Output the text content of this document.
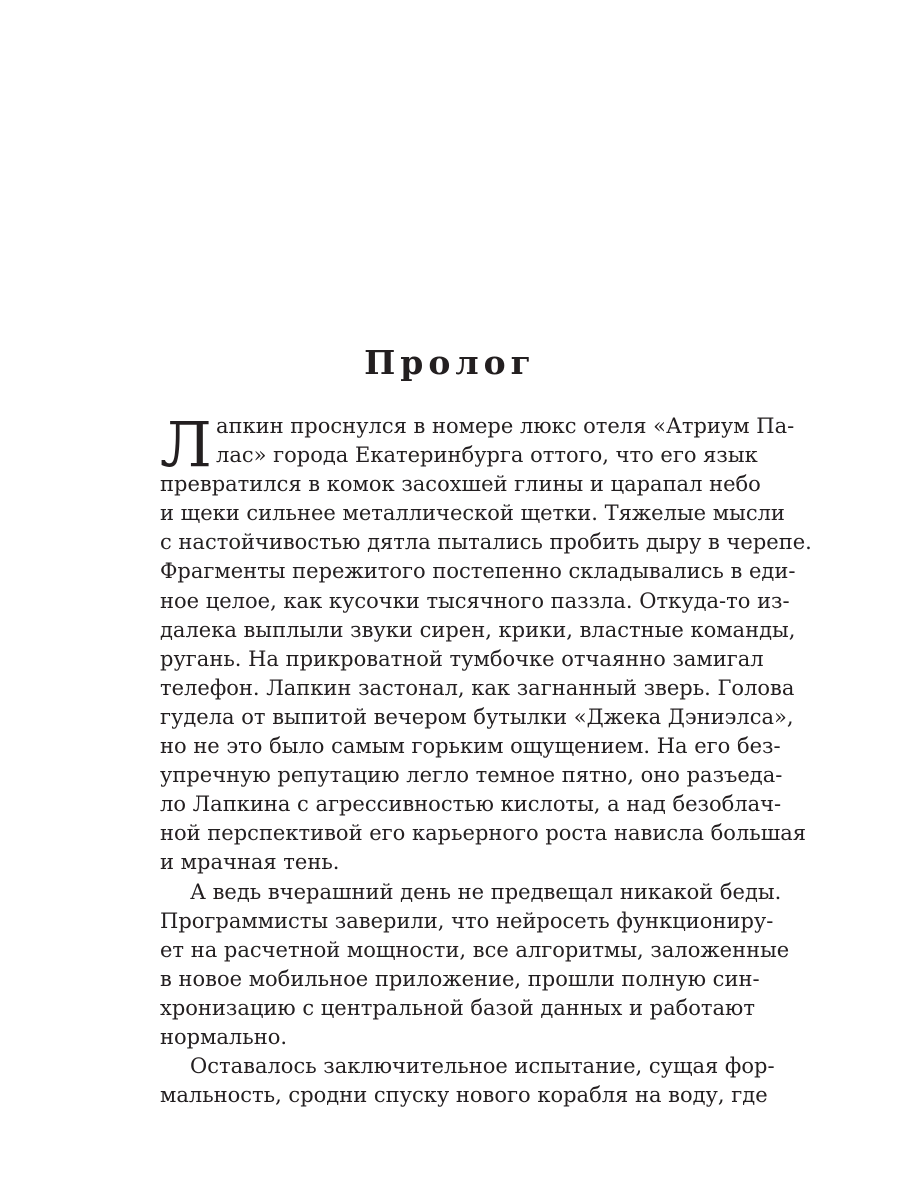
Пролог
Л апкин проснулся в номере люкс отеля «Атриум Па-
лас» города Екатеринбурга оттого, что его язык
превратился в комок засохшей глины и царапал небо
и щеки сильнее металлической щетки. Тяжелые мысли
с настойчивостью дятла пытались пробить дыру в черепе.
Фрагменты пережитого постепенно складывались в еди-
ное целое, как кусочки тысячного паззла. Откуда-то из-
далека выплыли звуки сирен, крики, властные команды,
ругань. На прикроватной тумбочке отчаянно замигал
телефон. Лапкин застонал, как загнанный зверь. Голова
гудела от выпитой вечером бутылки «Джека Дэниэлса»,
но не это было самым горьким ощущением. На его без-
упречную репутацию легло темное пятно, оно разъеда-
ло Лапкина с агрессивностью кислоты, а над безоблач-
ной перспективой его карьерного роста нависла большая
и мрачная тень.
А ведь вчерашний день не предвещал никакой беды.
Программисты заверили, что нейросеть функциониру-
ет на расчетной мощности, все алгоритмы, заложенные
в новое мобильное приложение, прошли полную син-
хронизацию с центральной базой данных и работают
нормально.
Оставалось заключительное испытание, сущая фор-
мальность, сродни спуску нового корабля на воду, где
